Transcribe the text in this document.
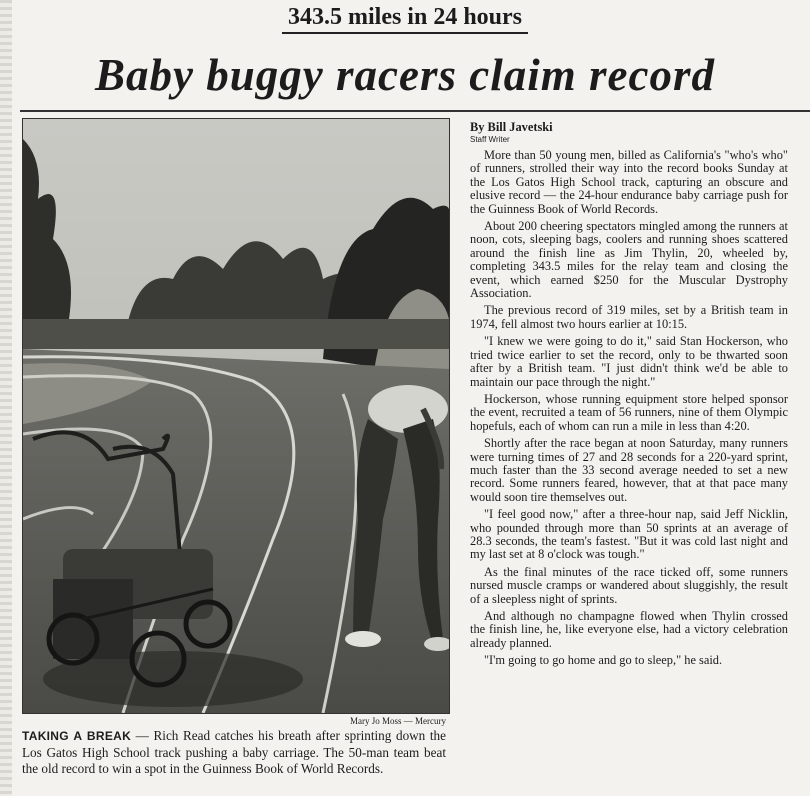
343.5 miles in 24 hours
Baby buggy racers claim record
Mary Jo Moss — Mercury
TAKING A BREAK — Rich Read catches his breath after sprinting down the Los Gatos High School track pushing a baby carriage. The 50-man team beat the old record to win a spot in the Guinness Book of World Records.
By Bill Javetski
Staff Writer

More than 50 young men, billed as California's "who's who" of runners, strolled their way into the record books Sunday at the Los Gatos High School track, capturing an obscure and elusive record — the 24-hour endurance baby carriage push for the Guinness Book of World Records.

About 200 cheering spectators mingled among the runners at noon, cots, sleeping bags, coolers and running shoes scattered around the finish line as Jim Thylin, 20, wheeled by, completing 343.5 miles for the relay team and closing the event, which earned $250 for the Muscular Dystrophy Association.

The previous record of 319 miles, set by a British team in 1974, fell almost two hours earlier at 10:15.

"I knew we were going to do it," said Stan Hockerson, who tried twice earlier to set the record, only to be thwarted soon after by a British team. "I just didn't think we'd be able to maintain our pace through the night."

Hockerson, whose running equipment store helped sponsor the event, recruited a team of 56 runners, nine of them Olympic hopefuls, each of whom can run a mile in less than 4:20.

Shortly after the race began at noon Saturday, many runners were turning times of 27 and 28 seconds for a 220-yard sprint, much faster than the 33 second average needed to set a new record. Some runners feared, however, that at that pace many would soon tire themselves out.

"I feel good now," after a three-hour nap, said Jeff Nicklin, who pounded through more than 50 sprints at an average of 28.3 seconds, the team's fastest. "But it was cold last night and my last set at 8 o'clock was tough."

As the final minutes of the race ticked off, some runners nursed muscle cramps or wandered about sluggishly, the result of a sleepless night of sprints.

And although no champagne flowed when Thylin crossed the finish line, he, like everyone else, had a victory celebration already planned.

"I'm going to go home and go to sleep," he said.
